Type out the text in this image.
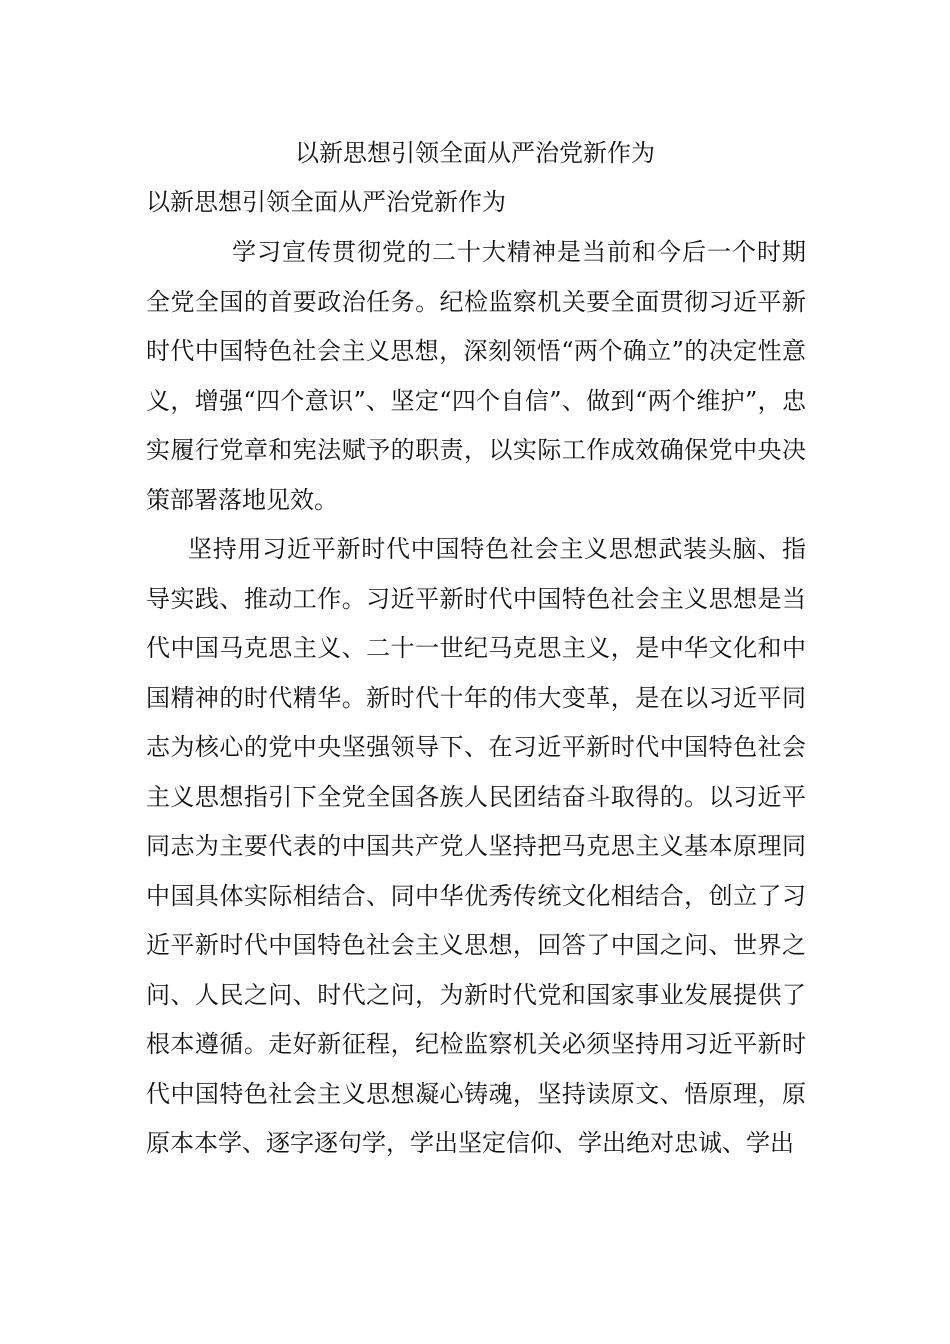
以新思想引领全面从严治党新作为
以新思想引领全面从严治党新作为

学习宣传贯彻党的二十大精神是当前和今后一个时期全党全国的首要政治任务。纪检监察机关要全面贯彻习近平新时代中国特色社会主义思想，深刻领悟“两个确立”的决定性意义，增强“四个意识”、坚定“四个自信”、做到“两个维护”，忠实履行党章和宪法赋予的职责，以实际工作成效确保党中央决策部署落地见效。

坚持用习近平新时代中国特色社会主义思想武装头脑、指导实践、推动工作。习近平新时代中国特色社会主义思想是当代中国马克思主义、二十一世纪马克思主义，是中华文化和中国精神的时代精华。新时代十年的伟大变革，是在以习近平同志为核心的党中央坚强领导下、在习近平新时代中国特色社会主义思想指引下全党全国各族人民团结奋斗取得的。以习近平同志为主要代表的中国共产党人坚持把马克思主义基本原理同中国具体实际相结合、同中华优秀传统文化相结合，创立了习近平新时代中国特色社会主义思想，回答了中国之问、世界之问、人民之问、时代之问，为新时代党和国家事业发展提供了根本遵循。走好新征程，纪检监察机关必须坚持用习近平新时代中国特色社会主义思想凝心铸魂，坚持读原文、悟原理，原原本本学、逐字逐句学，学出坚定信仰、学出绝对忠诚、学出
